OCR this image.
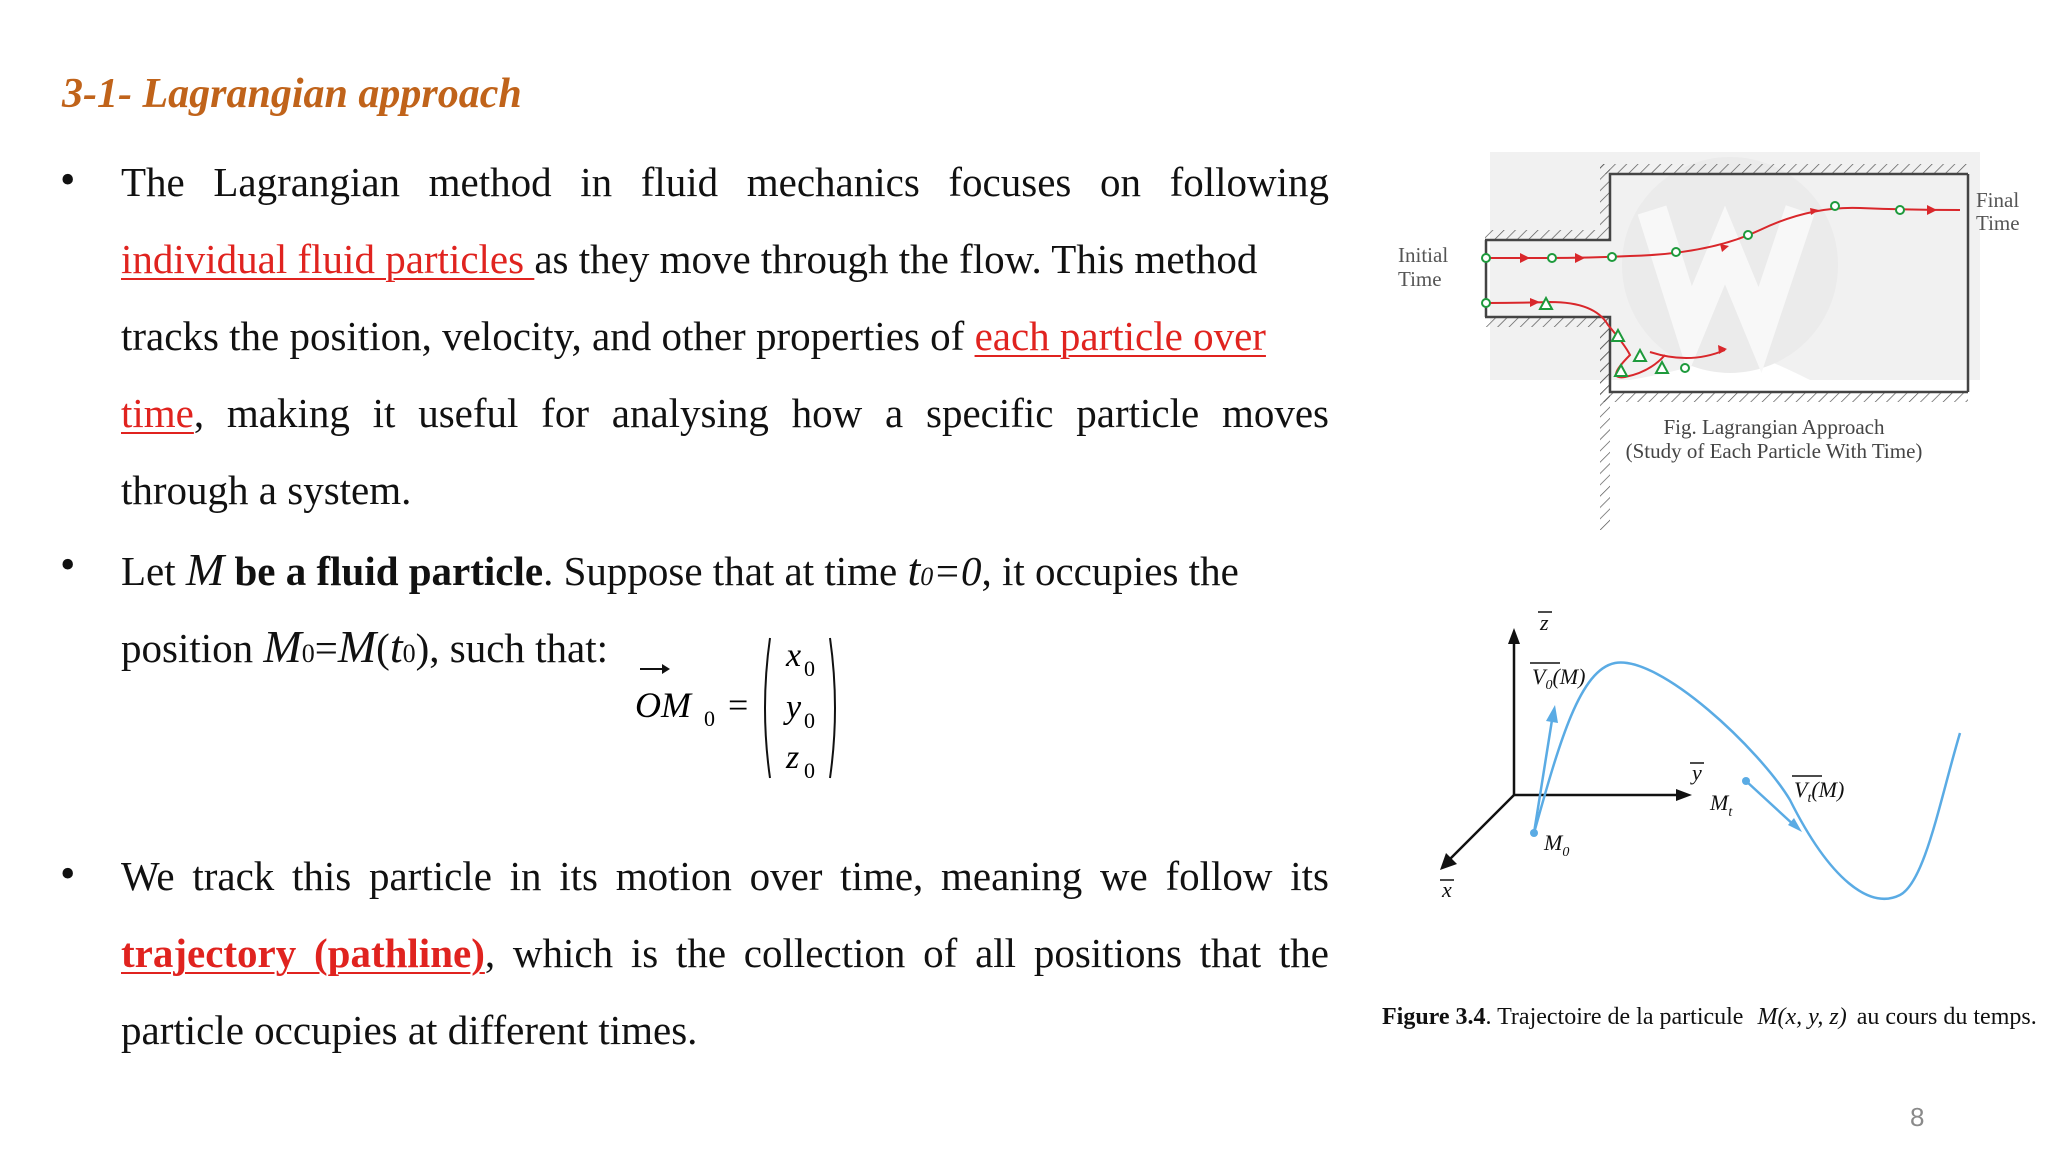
3-1- Lagrangian approach
• The Lagrangian method in fluid mechanics focuses on following
individual fluid particles as they move through the flow. This method
tracks the position, velocity, and other properties of each particle over
time, making it useful for analysing how a specific particle moves
through a system.
• Let M be a fluid particle. Suppose that at time t0=0, it occupies the
position M0=M(t0), such that:
OM 0 =
x 0
y 0
z 0
• We track this particle in its motion over time, meaning we follow its
trajectory (pathline), which is the collection of all positions that the
particle occupies at different times.
Initial
Time
Final
Time
Fig. Lagrangian Approach
(Study of Each Particle With Time)
z
y
x
$V_0(M)$
$V_t(M)$
$M_0$
$M_t$
Figure 3.4. Trajectoire de la particule M(x, y, z) au cours du temps.
8
